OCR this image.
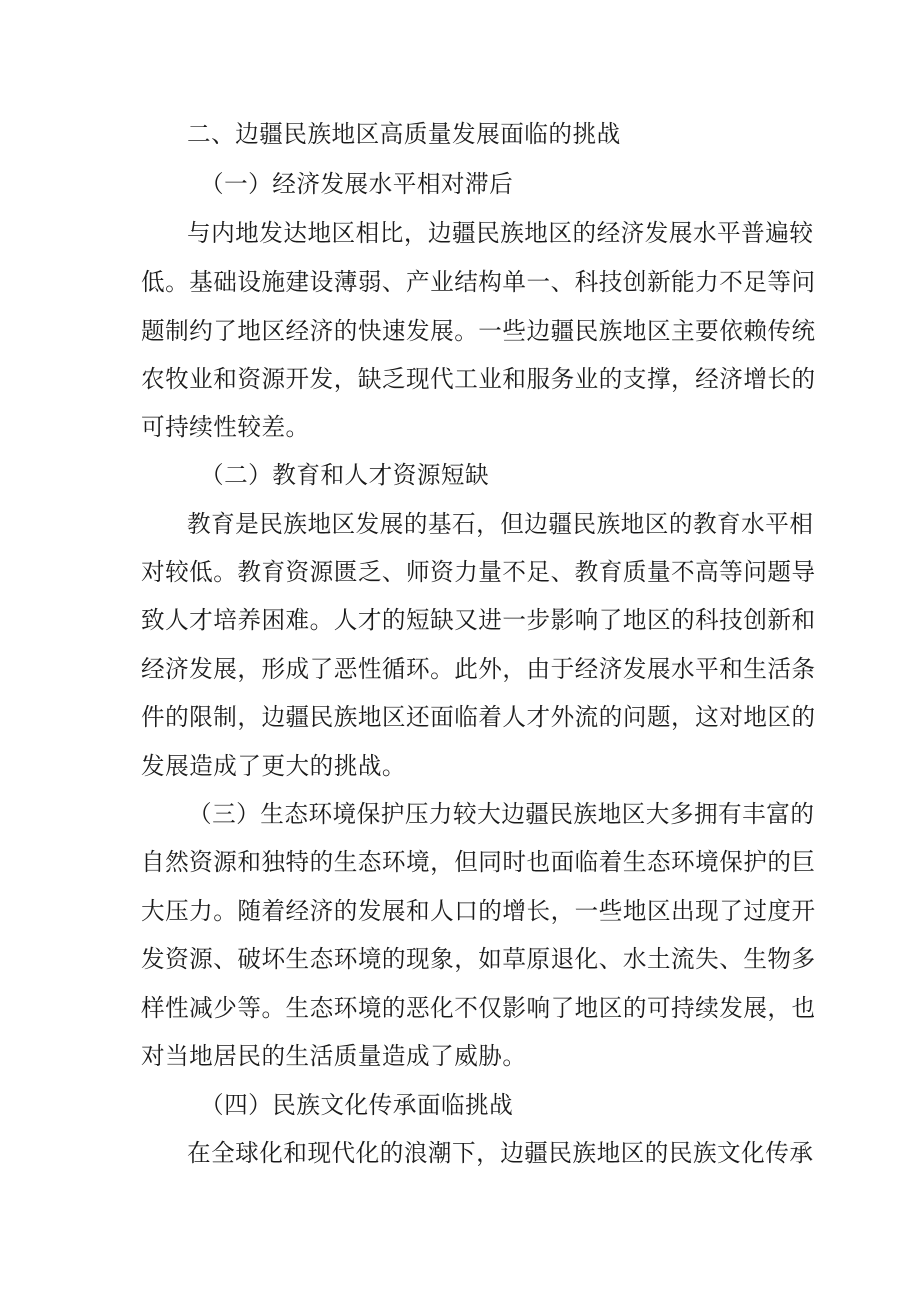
二、边疆民族地区高质量发展面临的挑战
（一）经济发展水平相对滞后
与内地发达地区相比，边疆民族地区的经济发展水平普遍较
低。基础设施建设薄弱、产业结构单一、科技创新能力不足等问
题制约了地区经济的快速发展。一些边疆民族地区主要依赖传统
农牧业和资源开发，缺乏现代工业和服务业的支撑，经济增长的
可持续性较差。
（二）教育和人才资源短缺
教育是民族地区发展的基石，但边疆民族地区的教育水平相
对较低。教育资源匮乏、师资力量不足、教育质量不高等问题导
致人才培养困难。人才的短缺又进一步影响了地区的科技创新和
经济发展，形成了恶性循环。此外，由于经济发展水平和生活条
件的限制，边疆民族地区还面临着人才外流的问题，这对地区的
发展造成了更大的挑战。
（三）生态环境保护压力较大边疆民族地区大多拥有丰富的
自然资源和独特的生态环境，但同时也面临着生态环境保护的巨
大压力。随着经济的发展和人口的增长，一些地区出现了过度开
发资源、破坏生态环境的现象，如草原退化、水土流失、生物多
样性减少等。生态环境的恶化不仅影响了地区的可持续发展，也
对当地居民的生活质量造成了威胁。
（四）民族文化传承面临挑战
在全球化和现代化的浪潮下，边疆民族地区的民族文化传承
